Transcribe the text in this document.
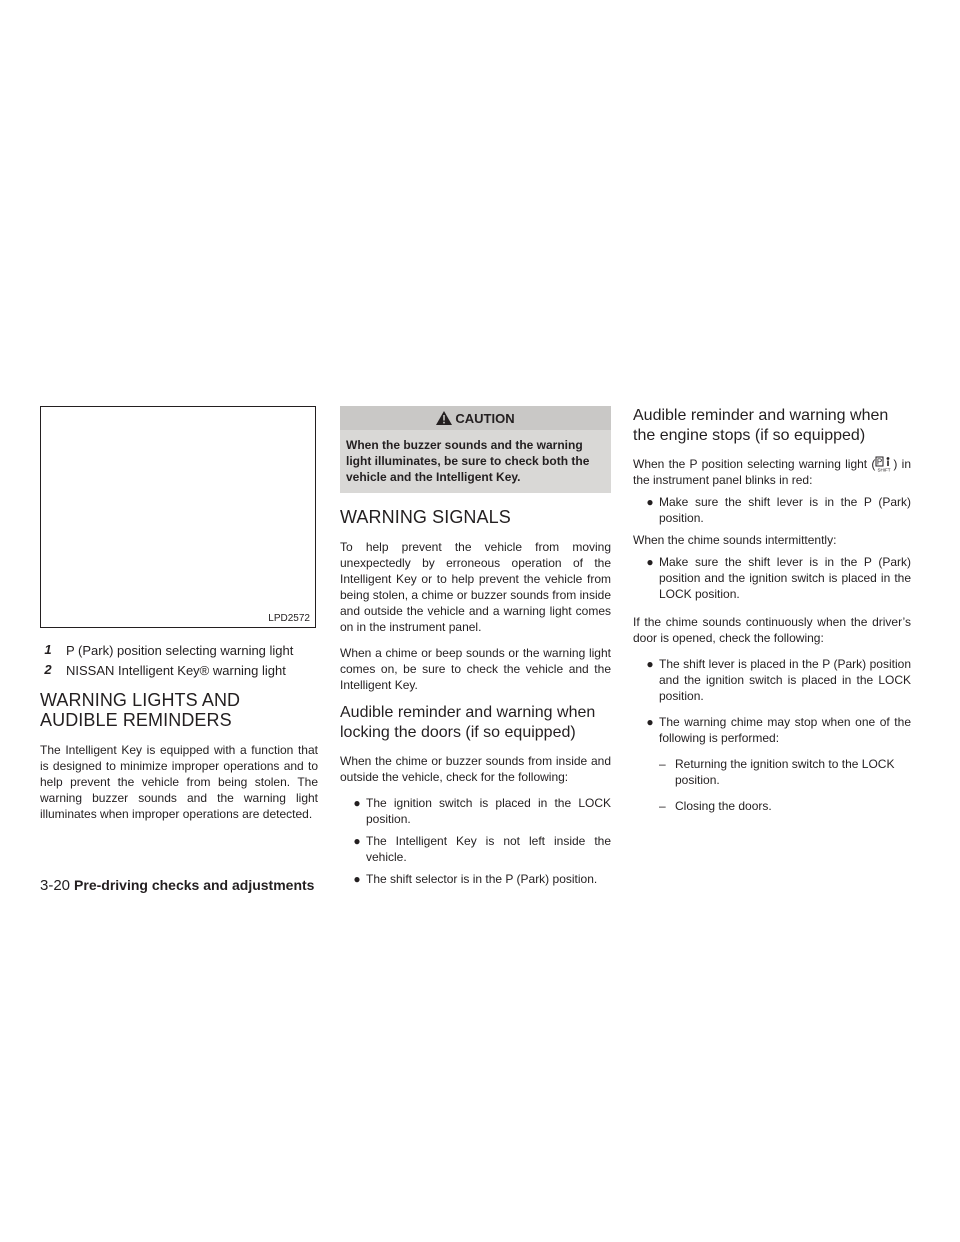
LPD2572
1	P (Park) position selecting warning light
2	NISSAN Intelligent Key® warning light
WARNING LIGHTS AND AUDIBLE REMINDERS

The Intelligent Key is equipped with a function that is designed to minimize improper operations and to help prevent the vehicle from being stolen. The warning buzzer sounds and the warning light illuminates when improper operations are detected.

CAUTION
When the buzzer sounds and the warning light illuminates, be sure to check both the vehicle and the Intelligent Key.
WARNING SIGNALS

To help prevent the vehicle from moving unexpectedly by erroneous operation of the Intelligent Key or to help prevent the vehicle from being stolen, a chime or buzzer sounds from inside and outside the vehicle and a warning light comes on in the instrument panel.

When a chime or beep sounds or the warning light comes on, be sure to check the vehicle and the Intelligent Key.

Audible reminder and warning when locking the doors (if so equipped)

When the chime or buzzer sounds from inside and outside the vehicle, check for the following:

● The ignition switch is placed in the LOCK position.
● The Intelligent Key is not left inside the vehicle.
● The shift selector is in the P (Park) position.
Audible reminder and warning when the engine stops (if so equipped)

When the P position selecting warning light ( P
SHIFT ) in the instrument panel blinks in red:

● Make sure the shift lever is in the P (Park) position.

When the chime sounds intermittently:

● Make sure the shift lever is in the P (Park) position and the ignition switch is placed in the LOCK position.

If the chime sounds continuously when the driver’s door is opened, check the following:

● The shift lever is placed in the P (Park) position and the ignition switch is placed in the LOCK position.
● The warning chime may stop when one of the following is performed:
– Returning the ignition switch to the LOCK position.
– Closing the doors.
3-20 Pre-driving checks and adjustments
